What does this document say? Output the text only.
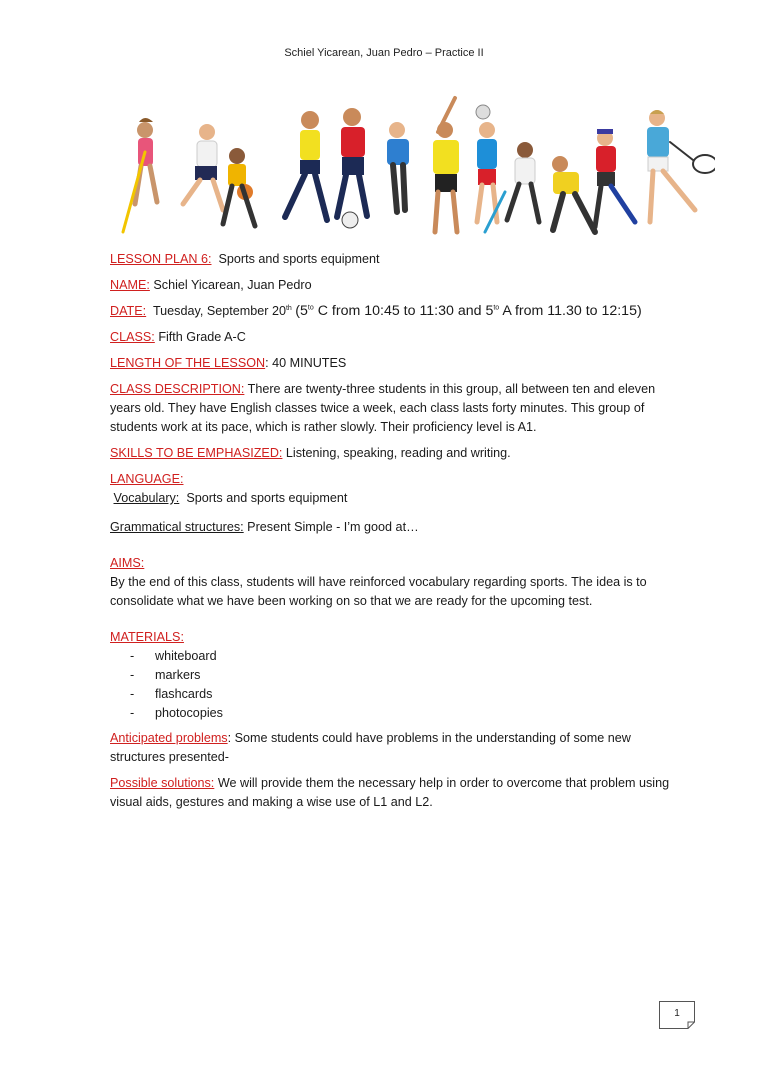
Schiel Yicarean, Juan Pedro – Practice II

LESSON PLAN 6: Sports and sports equipment

NAME: Schiel Yicarean, Juan Pedro

DATE: Tuesday, September 20th ($5^{to}$ C from 10:45 to 11:30 and $5^{to}$ A from 11.30 to 12:15)

CLASS: Fifth Grade A-C

LENGTH OF THE LESSON: 40 MINUTES

CLASS DESCRIPTION: There are twenty-three students in this group, all between ten and eleven years old. They have English classes twice a week, each class lasts forty minutes. This group of students work at its pace, which is rather slowly. Their proficiency level is A1.

SKILLS TO BE EMPHASIZED: Listening, speaking, reading and writing.

LANGUAGE:
Vocabulary: Sports and sports equipment

Grammatical structures: Present Simple - I’m good at…

AIMS:
By the end of this class, students will have reinforced vocabulary regarding sports. The idea is to consolidate what we have been working on so that we are ready for the upcoming test.

MATERIALS:

-	whiteboard
-	markers
-	flashcards
-	photocopies

Anticipated problems: Some students could have problems in the understanding of some new structures presented-

Possible solutions: We will provide them the necessary help in order to overcome that problem using visual aids, gestures and making a wise use of L1 and L2.

1
